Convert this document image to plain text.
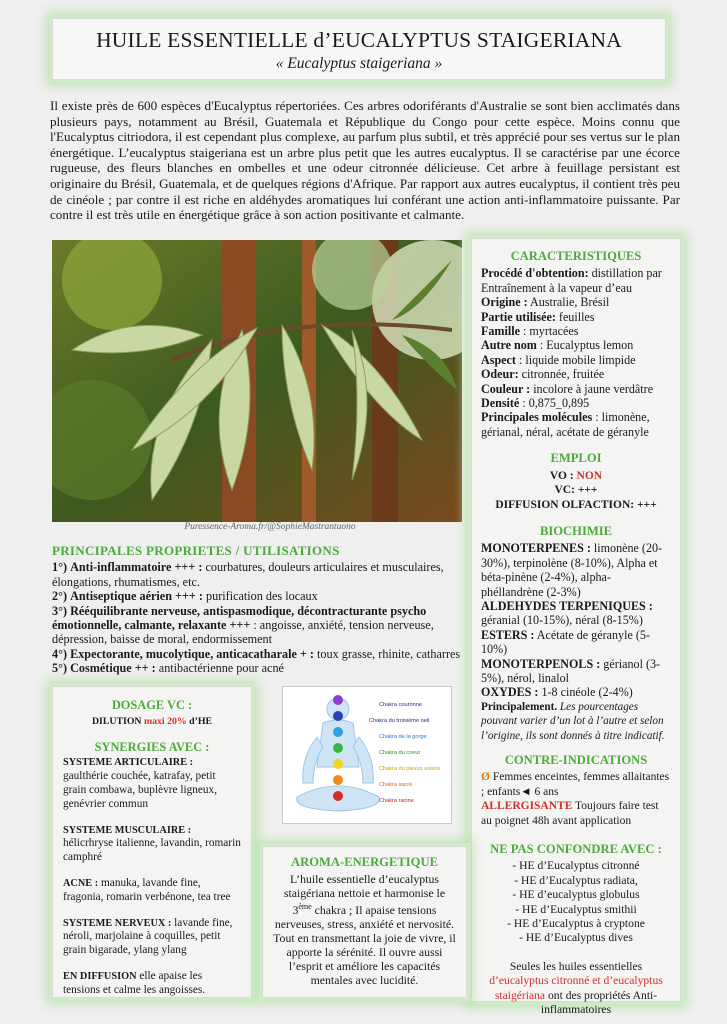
HUILE ESSENTIELLE d’EUCALYPTUS STAIGERIANA
« Eucalyptus staigeriana »

Il existe près de 600 espèces d'Eucalyptus répertoriées. Ces arbres odoriférants d'Australie se sont bien acclimatés dans plusieurs pays, notamment au Brésil, Guatemala et République du Congo pour cette espèce. Moins connu que l'Eucalyptus citriodora, il est cependant plus complexe, au parfum plus subtil, et très apprécié pour ses vertus sur le plan énergétique. L’eucalyptus staigeriana est un arbre plus petit que les autres eucalyptus. Il se caractérise par une écorce rugueuse, des fleurs blanches en ombelles et une odeur citronnée délicieuse. Cet arbre à feuillage persistant est originaire du Brésil, Guatemala, et de quelques régions d'Afrique. Par rapport aux autres eucalyptus, il contient très peu de cinéole ; par contre il est riche en aldéhydes aromatiques lui conférant une action anti-inflammatoire puissante. Par contre il est très utile en énergétique grâce à son action positivante et calmante.

Puressence-Aroma.fr/@SophieMastrantuono
PRINCIPALES PROPRIETES / UTILISATIONS

1°) Anti-inflammatoire +++ : courbatures, douleurs articulaires et musculaires, élongations, rhumatismes, etc.

2°) Antiseptique aérien +++ : purification des locaux

3°) Rééquilibrante nerveuse, antispasmodique, décontracturante psycho émotionnelle, calmante, relaxante +++ : angoisse, anxiété, tension nerveuse, dépression, baisse de moral, endormissement

4°) Expectorante, mucolytique, anticacatharale + : toux grasse, rhinite, catharres

5°) Cosmétique ++ : antibactérienne pour acné

CARACTERISTIQUES

Procédé d'obtention: distillation par Entraînement à la vapeur d’eau

Origine : Australie, Brésil

Partie utilisée: feuilles

Famille : myrtacées

Autre nom : Eucalyptus lemon

Aspect : liquide mobile limpide

Odeur: citronnée, fruitée

Couleur : incolore à jaune verdâtre

Densité : 0,875_0,895

Principales molécules : limonène, gérianal, néral, acétate de géranyle

EMPLOI

VO : NON

VC: +++

DIFFUSION OLFACTION: +++

BIOCHIMIE

MONOTERPENES : limonène (20-30%), terpinolène (8-10%), Alpha et béta-pinène (2-4%), alpha-phéllandrène (2-3%)

ALDEHYDES TERPENIQUES : géranial (10-15%), néral (8-15%)

ESTERS : Acétate de géranyle (5-10%)

MONOTERPENOLS : gérianol (3-5%), nérol, linalol

OXYDES : 1-8 cinéole (2-4%)

Principalement. Les pourcentages pouvant varier d’un lot à l’autre et selon l’origine, ils sont donnés à titre indicatif.

CONTRE-INDICATIONS

Ø Femmes enceintes, femmes allaitantes ; enfants◄ 6 ans

ALLERGISANTE Toujours faire test au poignet 48h avant application

NE PAS CONFONDRE AVEC :

- HE d’Eucalyptus citronné

- HE d’Eucalyptus radiata,

- HE d’eucalyptus globulus

- HE d’Eucalyptus smithii

- HE d’Eucalyptus à cryptone

- HE d’Eucalyptus dives

Seules les huiles essentielles d’eucalyptus citronné et d’eucalyptus staigériana ont des propriétés Anti-inflammatoires

DOSAGE VC :

DILUTION maxi 20% d’HE

SYNERGIES AVEC :

SYSTEME ARTICULAIRE : gaulthérie couchée, katrafay, petit grain combawa, buplèvre ligneux, genévrier commun

SYSTEME MUSCULAIRE : hélicrhryse italienne, lavandin, romarin camphré

ACNE : manuka, lavande fine, fragonia, romarin verbénone, tea tree

SYSTEME NERVEUX : lavande fine, néroli, marjolaine à coquilles, petit grain bigarade, ylang ylang

EN DIFFUSION elle apaise les tensions et calme les angoisses.

Chakra couronne
Chakra du troisième oeil
Chakra de la gorge
Chakra du coeur
Chakra du plexus solaire
Chakra sacré
Chakra racine
AROMA-ENERGETIQUE

L’huile essentielle d’eucalyptus staigériana nettoie et harmonise le 3ème chakra ; Il apaise tensions nerveuses, stress, anxiété et nervosité. Tout en transmettant la joie de vivre, il apporte la sérénité. Il ouvre aussi l’esprit et améliore les capacités mentales avec lucidité.
